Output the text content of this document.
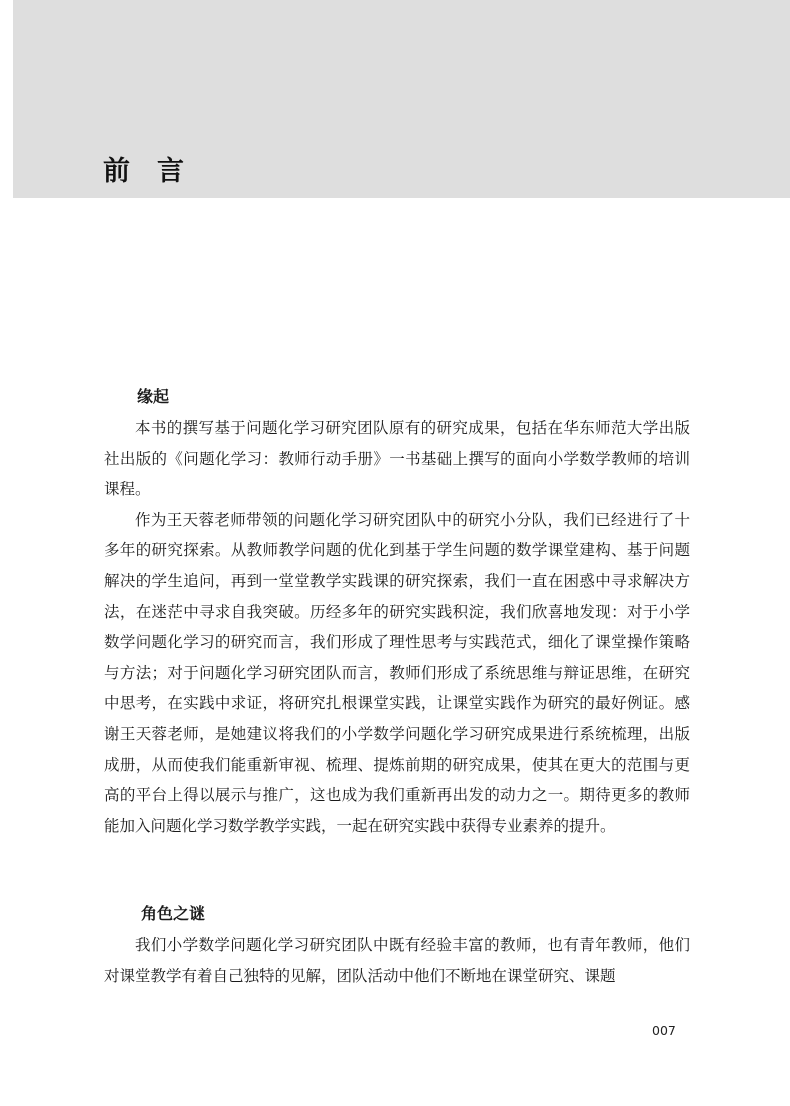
前言
缘起

本书的撰写基于问题化学习研究团队原有的研究成果，包括在华东师范大学出版社出版的《问题化学习：教师行动手册》一书基础上撰写的面向小学数学教师的培训课程。

作为王天蓉老师带领的问题化学习研究团队中的研究小分队，我们已经进行了十多年的研究探索。从教师教学问题的优化到基于学生问题的数学课堂建构、基于问题解决的学生追问，再到一堂堂教学实践课的研究探索，我们一直在困惑中寻求解决方法，在迷茫中寻求自我突破。历经多年的研究实践积淀，我们欣喜地发现：对于小学数学问题化学习的研究而言，我们形成了理性思考与实践范式，细化了课堂操作策略与方法；对于问题化学习研究团队而言，教师们形成了系统思维与辩证思维，在研究中思考，在实践中求证，将研究扎根课堂实践，让课堂实践作为研究的最好例证。感谢王天蓉老师，是她建议将我们的小学数学问题化学习研究成果进行系统梳理，出版成册，从而使我们能重新审视、梳理、提炼前期的研究成果，使其在更大的范围与更高的平台上得以展示与推广，这也成为我们重新再出发的动力之一。期待更多的教师能加入问题化学习数学教学实践，一起在研究实践中获得专业素养的提升。

角色之谜

我们小学数学问题化学习研究团队中既有经验丰富的教师，也有青年教师，他们对课堂教学有着自己独特的见解，团队活动中他们不断地在课堂研究、课题

007
